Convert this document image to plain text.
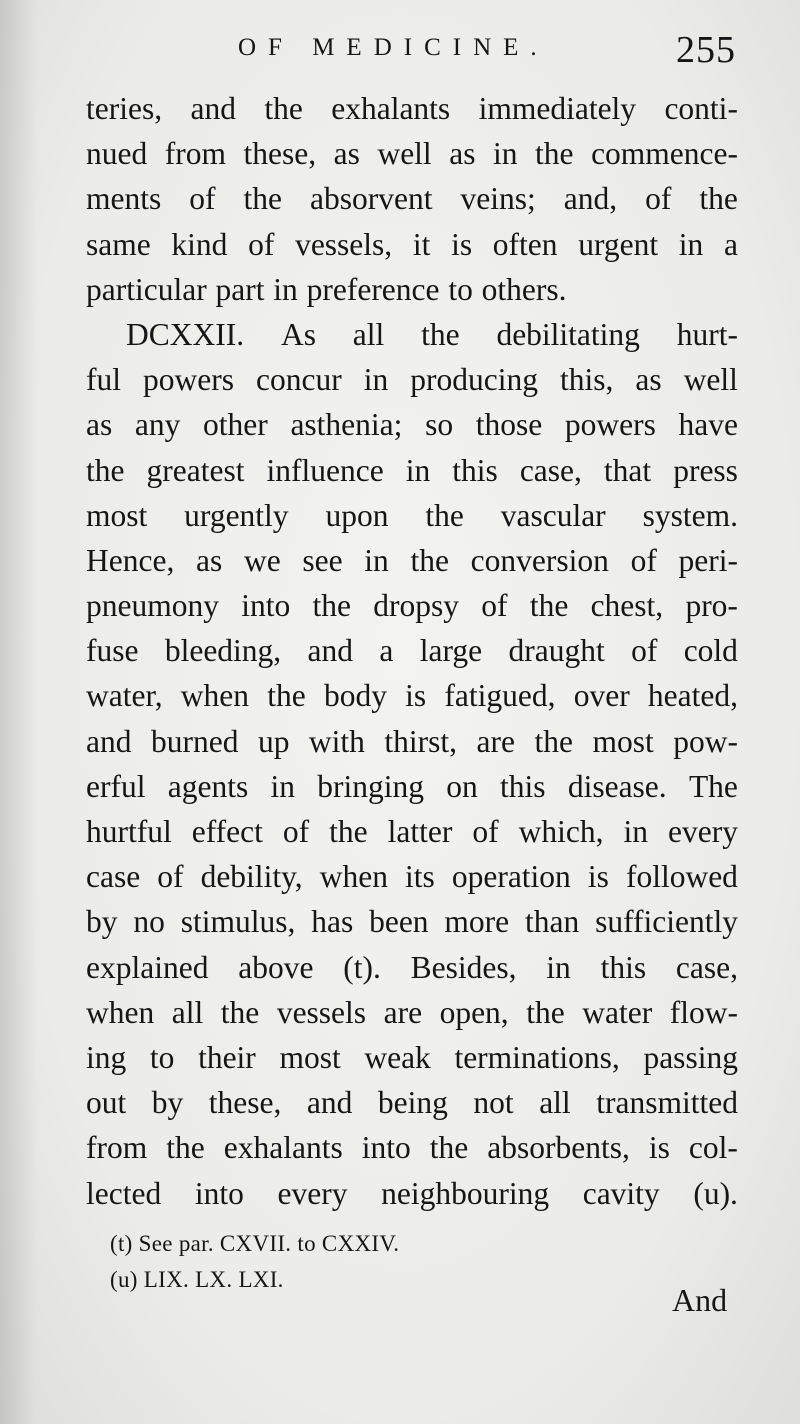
OF MEDICINE.	255
teries, and the exhalants immediately conti-
nued from these, as well as in the commence-
ments of the absorvent veins; and, of the
same kind of vessels, it is often urgent in a
particular part in preference to others.
DCXXII. As all the debilitating hurt-
ful powers concur in producing this, as well
as any other asthenia; so those powers have
the greatest influence in this case, that press
most urgently upon the vascular system.
Hence, as we see in the conversion of peri-
pneumony into the dropsy of the chest, pro-
fuse bleeding, and a large draught of cold
water, when the body is fatigued, over heated,
and burned up with thirst, are the most pow-
erful agents in bringing on this disease. The
hurtful effect of the latter of which, in every
case of debility, when its operation is followed
by no stimulus, has been more than sufficiently
explained above (t). Besides, in this case,
when all the vessels are open, the water flow-
ing to their most weak terminations, passing
out by these, and being not all transmitted
from the exhalants into the absorbents, is col-
lected into every neighbouring cavity (u).
(t) See par. CXVII. to CXXIV.
(u) LIX. LX. LXI.
And
